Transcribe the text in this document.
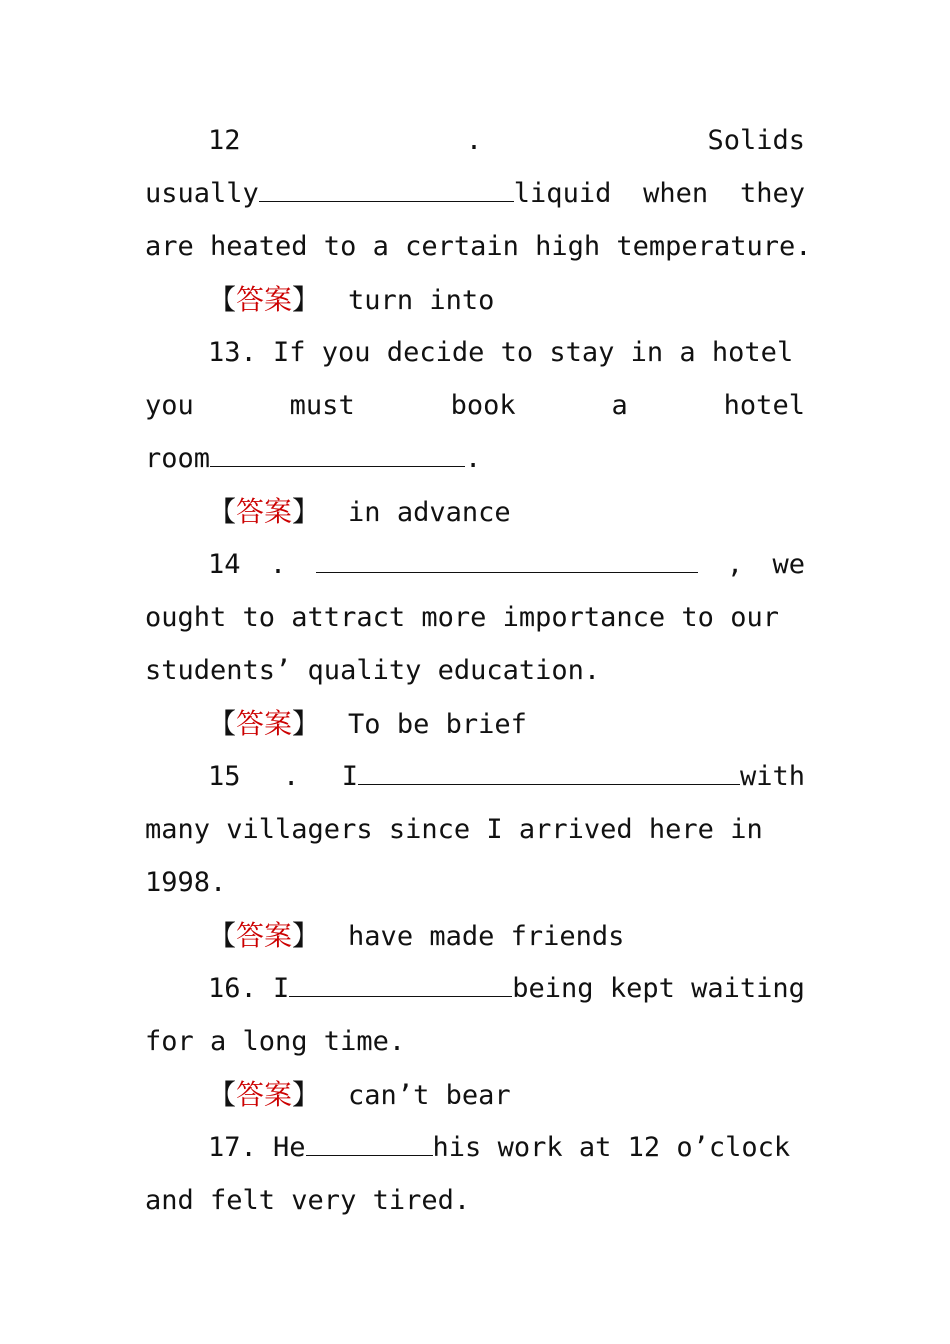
12	.	Solids
usually	liquid when they
are heated to a certain high temperature.
【答案】 turn into
13. If you decide to stay in a hotel
you	must	book	a	hotel
room	.
【答案】 in advance
14 .	, we
ought to attract more importance to our
students’ quality education.
【答案】 To be brief
15 . I	with
many villagers since I arrived here in
1998.
【答案】 have made friends
16. I	being kept waiting
for a long time.
【答案】 can’t bear
17. He	his work at 12 o’clock
and felt very tired.
